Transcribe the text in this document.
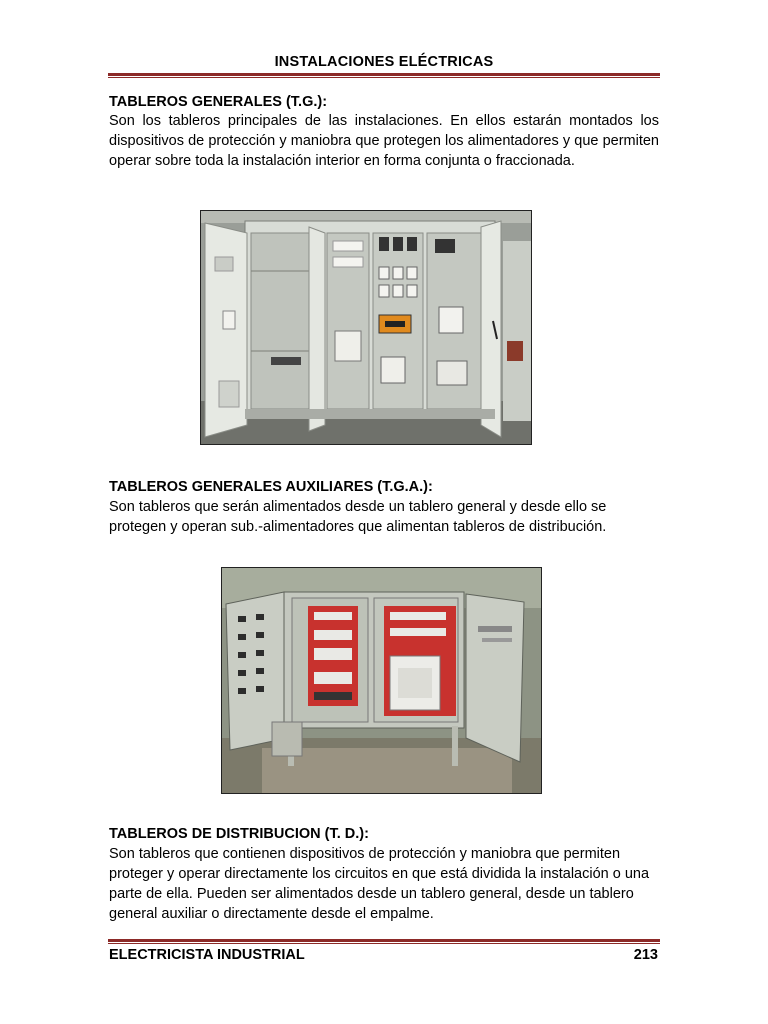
INSTALACIONES ELÉCTRICAS
TABLEROS GENERALES (T.G.):
Son los tableros principales de las instalaciones. En ellos estarán montados los dispositivos de protección y maniobra que protegen los alimentadores y que permiten operar sobre toda la instalación interior en forma conjunta o fraccionada.
TABLEROS GENERALES AUXILIARES (T.G.A.):
Son tableros que serán alimentados desde un tablero general y desde ello se protegen y operan sub.-alimentadores que alimentan tableros de distribución.
TABLEROS DE DISTRIBUCION (T. D.):
Son tableros que contienen dispositivos de protección y maniobra que permiten proteger y operar directamente los circuitos en que está dividida la instalación o una parte de ella. Pueden ser alimentados desde un tablero general, desde un tablero general auxiliar o directamente desde el empalme.
ELECTRICISTA INDUSTRIAL	213
